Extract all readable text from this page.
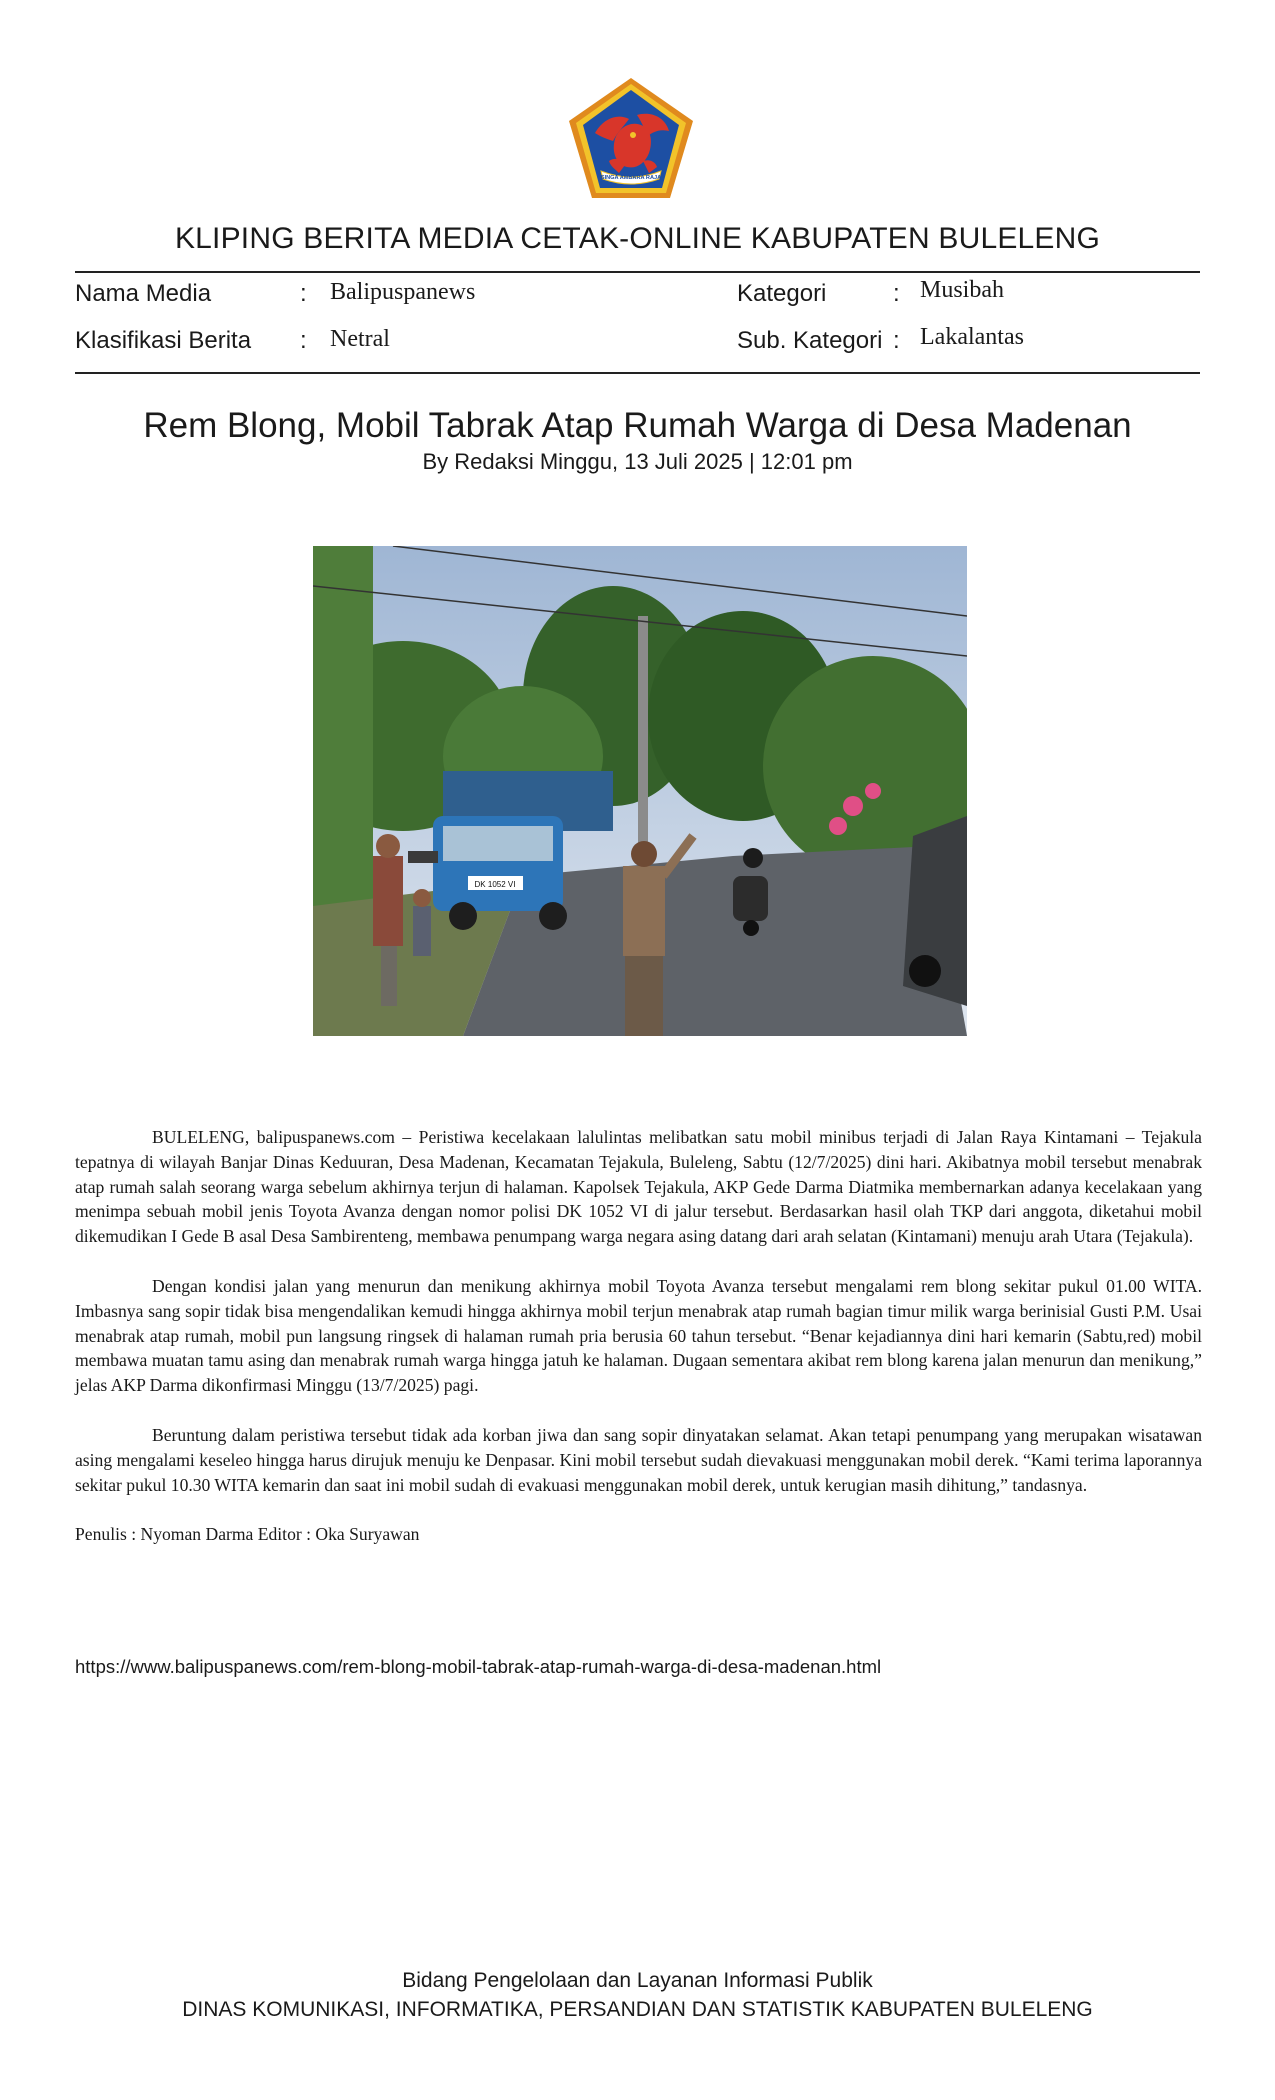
SINGA AMBARA RAJA
KLIPING BERITA MEDIA CETAK-ONLINE KABUPATEN BULELENG
Nama Media	: Balipuspanews
Klasifikasi Berita : Netral
Kategori	: Musibah
Sub. Kategori : Lakalantas
Rem Blong, Mobil Tabrak Atap Rumah Warga di Desa Madenan
By Redaksi Minggu, 13 Juli 2025 | 12:01 pm
DK 1052 VI

BULELENG, balipuspanews.com – Peristiwa kecelakaan lalulintas melibatkan satu mobil minibus terjadi di Jalan Raya Kintamani – Tejakula tepatnya di wilayah Banjar Dinas Keduuran, Desa Madenan, Kecamatan Tejakula, Buleleng, Sabtu (12/7/2025) dini hari. Akibatnya mobil tersebut menabrak atap rumah salah seorang warga sebelum akhirnya terjun di halaman. Kapolsek Tejakula, AKP Gede Darma Diatmika membernarkan adanya kecelakaan yang menimpa sebuah mobil jenis Toyota Avanza dengan nomor polisi DK 1052 VI di jalur tersebut. Berdasarkan hasil olah TKP dari anggota, diketahui mobil dikemudikan I Gede B asal Desa Sambirenteng, membawa penumpang warga negara asing datang dari arah selatan (Kintamani) menuju arah Utara (Tejakula).

Dengan kondisi jalan yang menurun dan menikung akhirnya mobil Toyota Avanza tersebut mengalami rem blong sekitar pukul 01.00 WITA. Imbasnya sang sopir tidak bisa mengendalikan kemudi hingga akhirnya mobil terjun menabrak atap rumah bagian timur milik warga berinisial Gusti P.M. Usai menabrak atap rumah, mobil pun langsung ringsek di halaman rumah pria berusia 60 tahun tersebut. “Benar kejadiannya dini hari kemarin (Sabtu,red) mobil membawa muatan tamu asing dan menabrak rumah warga hingga jatuh ke halaman. Dugaan sementara akibat rem blong karena jalan menurun dan menikung,” jelas AKP Darma dikonfirmasi Minggu (13/7/2025) pagi.

Beruntung dalam peristiwa tersebut tidak ada korban jiwa dan sang sopir dinyatakan selamat. Akan tetapi penumpang yang merupakan wisatawan asing mengalami keseleo hingga harus dirujuk menuju ke Denpasar. Kini mobil tersebut sudah dievakuasi menggunakan mobil derek. “Kami terima laporannya sekitar pukul 10.30 WITA kemarin dan saat ini mobil sudah di evakuasi menggunakan mobil derek, untuk kerugian masih dihitung,” tandasnya.

Penulis : Nyoman Darma Editor : Oka Suryawan

https://www.balipuspanews.com/rem-blong-mobil-tabrak-atap-rumah-warga-di-desa-madenan.html
Bidang Pengelolaan dan Layanan Informasi Publik
DINAS KOMUNIKASI, INFORMATIKA, PERSANDIAN DAN STATISTIK KABUPATEN BULELENG
